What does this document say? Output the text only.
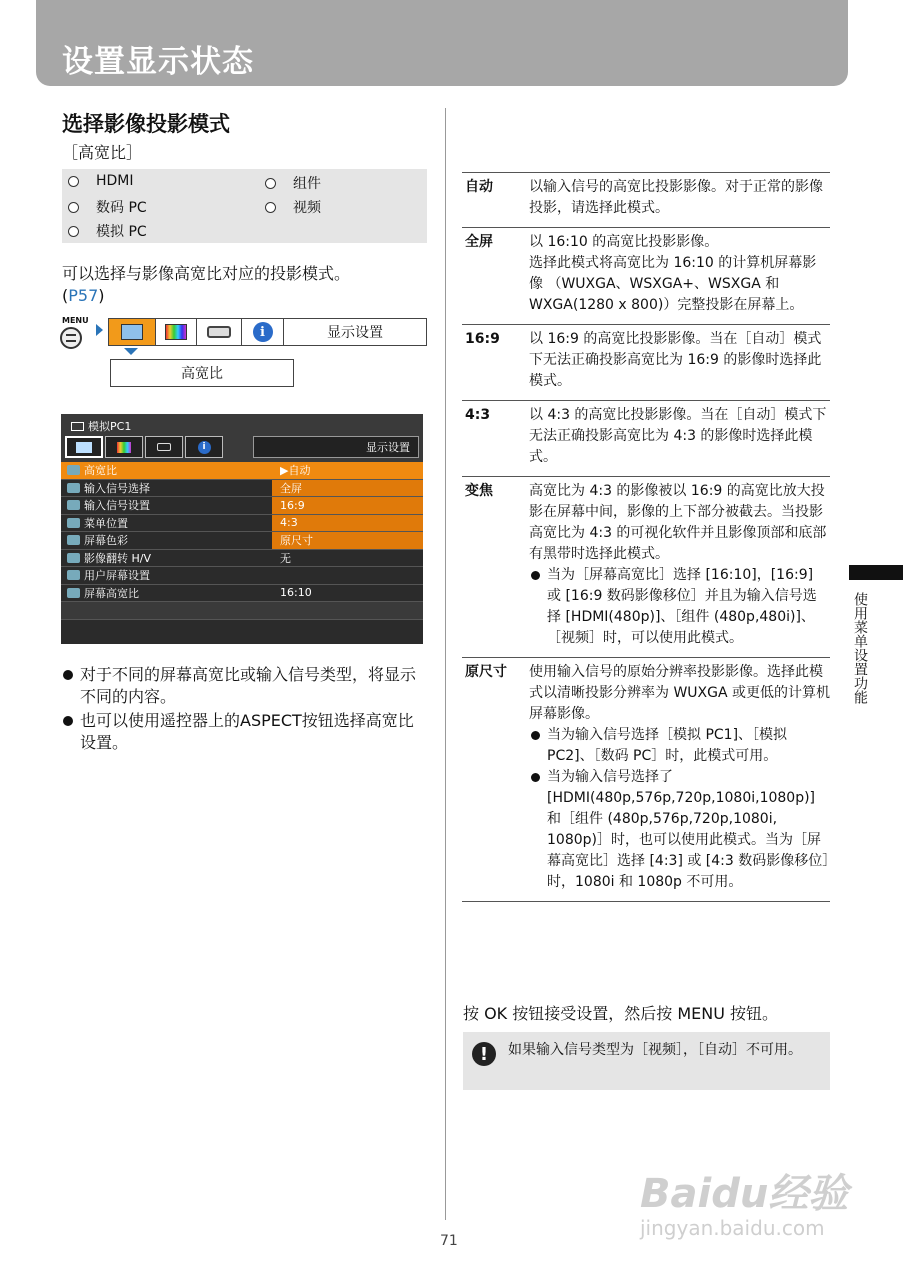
设置显示状态
选择影像投影模式
［高宽比］
HDMI	组件
数码 PC	视频
模拟 PC
可以选择与影像高宽比对应的投影模式。
(P57)
MENU
i	显示设置
高宽比
模拟PC1
i	显示设置
高宽比	▶自动
输入信号选择	全屏
输入信号设置	16:9
菜单位置	4:3
屏幕色彩	原尺寸
影像翻转 H/V	无
用户屏幕设置
屏幕高宽比	16:10
对于不同的屏幕高宽比或输入信号类型，将显示不同的内容。
也可以使用遥控器上的ASPECT按钮选择高宽比设置。
自动	以输入信号的高宽比投影影像。对于正常的影像投影，请选择此模式。
全屏	以 16:10 的高宽比投影影像。
选择此模式将高宽比为 16:10 的计算机屏幕影像 （WUXGA、WSXGA+、WSXGA 和 WXGA(1280 x 800)）完整投影在屏幕上。
16:9	以 16:9 的高宽比投影影像。当在［自动］模式下无法正确投影高宽比为 16:9 的影像时选择此模式。
4:3	以 4:3 的高宽比投影影像。当在［自动］模式下无法正确投影高宽比为 4:3 的影像时选择此模式。
变焦	高宽比为 4:3 的影像被以 16:9 的高宽比放大投影在屏幕中间，影像的上下部分被截去。当投影高宽比为 4:3 的可视化软件并且影像顶部和底部有黑带时选择此模式。
当为［屏幕高宽比］选择 [16:10]，[16:9] 或 [16:9 数码影像移位］并且为输入信号选择 [HDMI(480p)]、［组件 (480p,480i)]、［视频］时，可以使用此模式。
原尺寸	使用输入信号的原始分辨率投影影像。选择此模式以清晰投影分辨率为 WUXGA 或更低的计算机屏幕影像。
当为输入信号选择［模拟 PC1]、［模拟 PC2]、［数码 PC］时，此模式可用。
当为输入信号选择了 [HDMI(480p,576p,720p,1080i,1080p)] 和［组件 (480p,576p,720p,1080i, 1080p)］时，也可以使用此模式。当为［屏幕高宽比］选择 [4:3] 或 [4:3 数码影像移位］时，1080i 和 1080p 不可用。
按 OK 按钮接受设置，然后按 MENU 按钮。
!	如果输入信号类型为［视频］，［自动］不可用。
使用菜单设置功能
71
Baidu经验
jingyan.baidu.com
